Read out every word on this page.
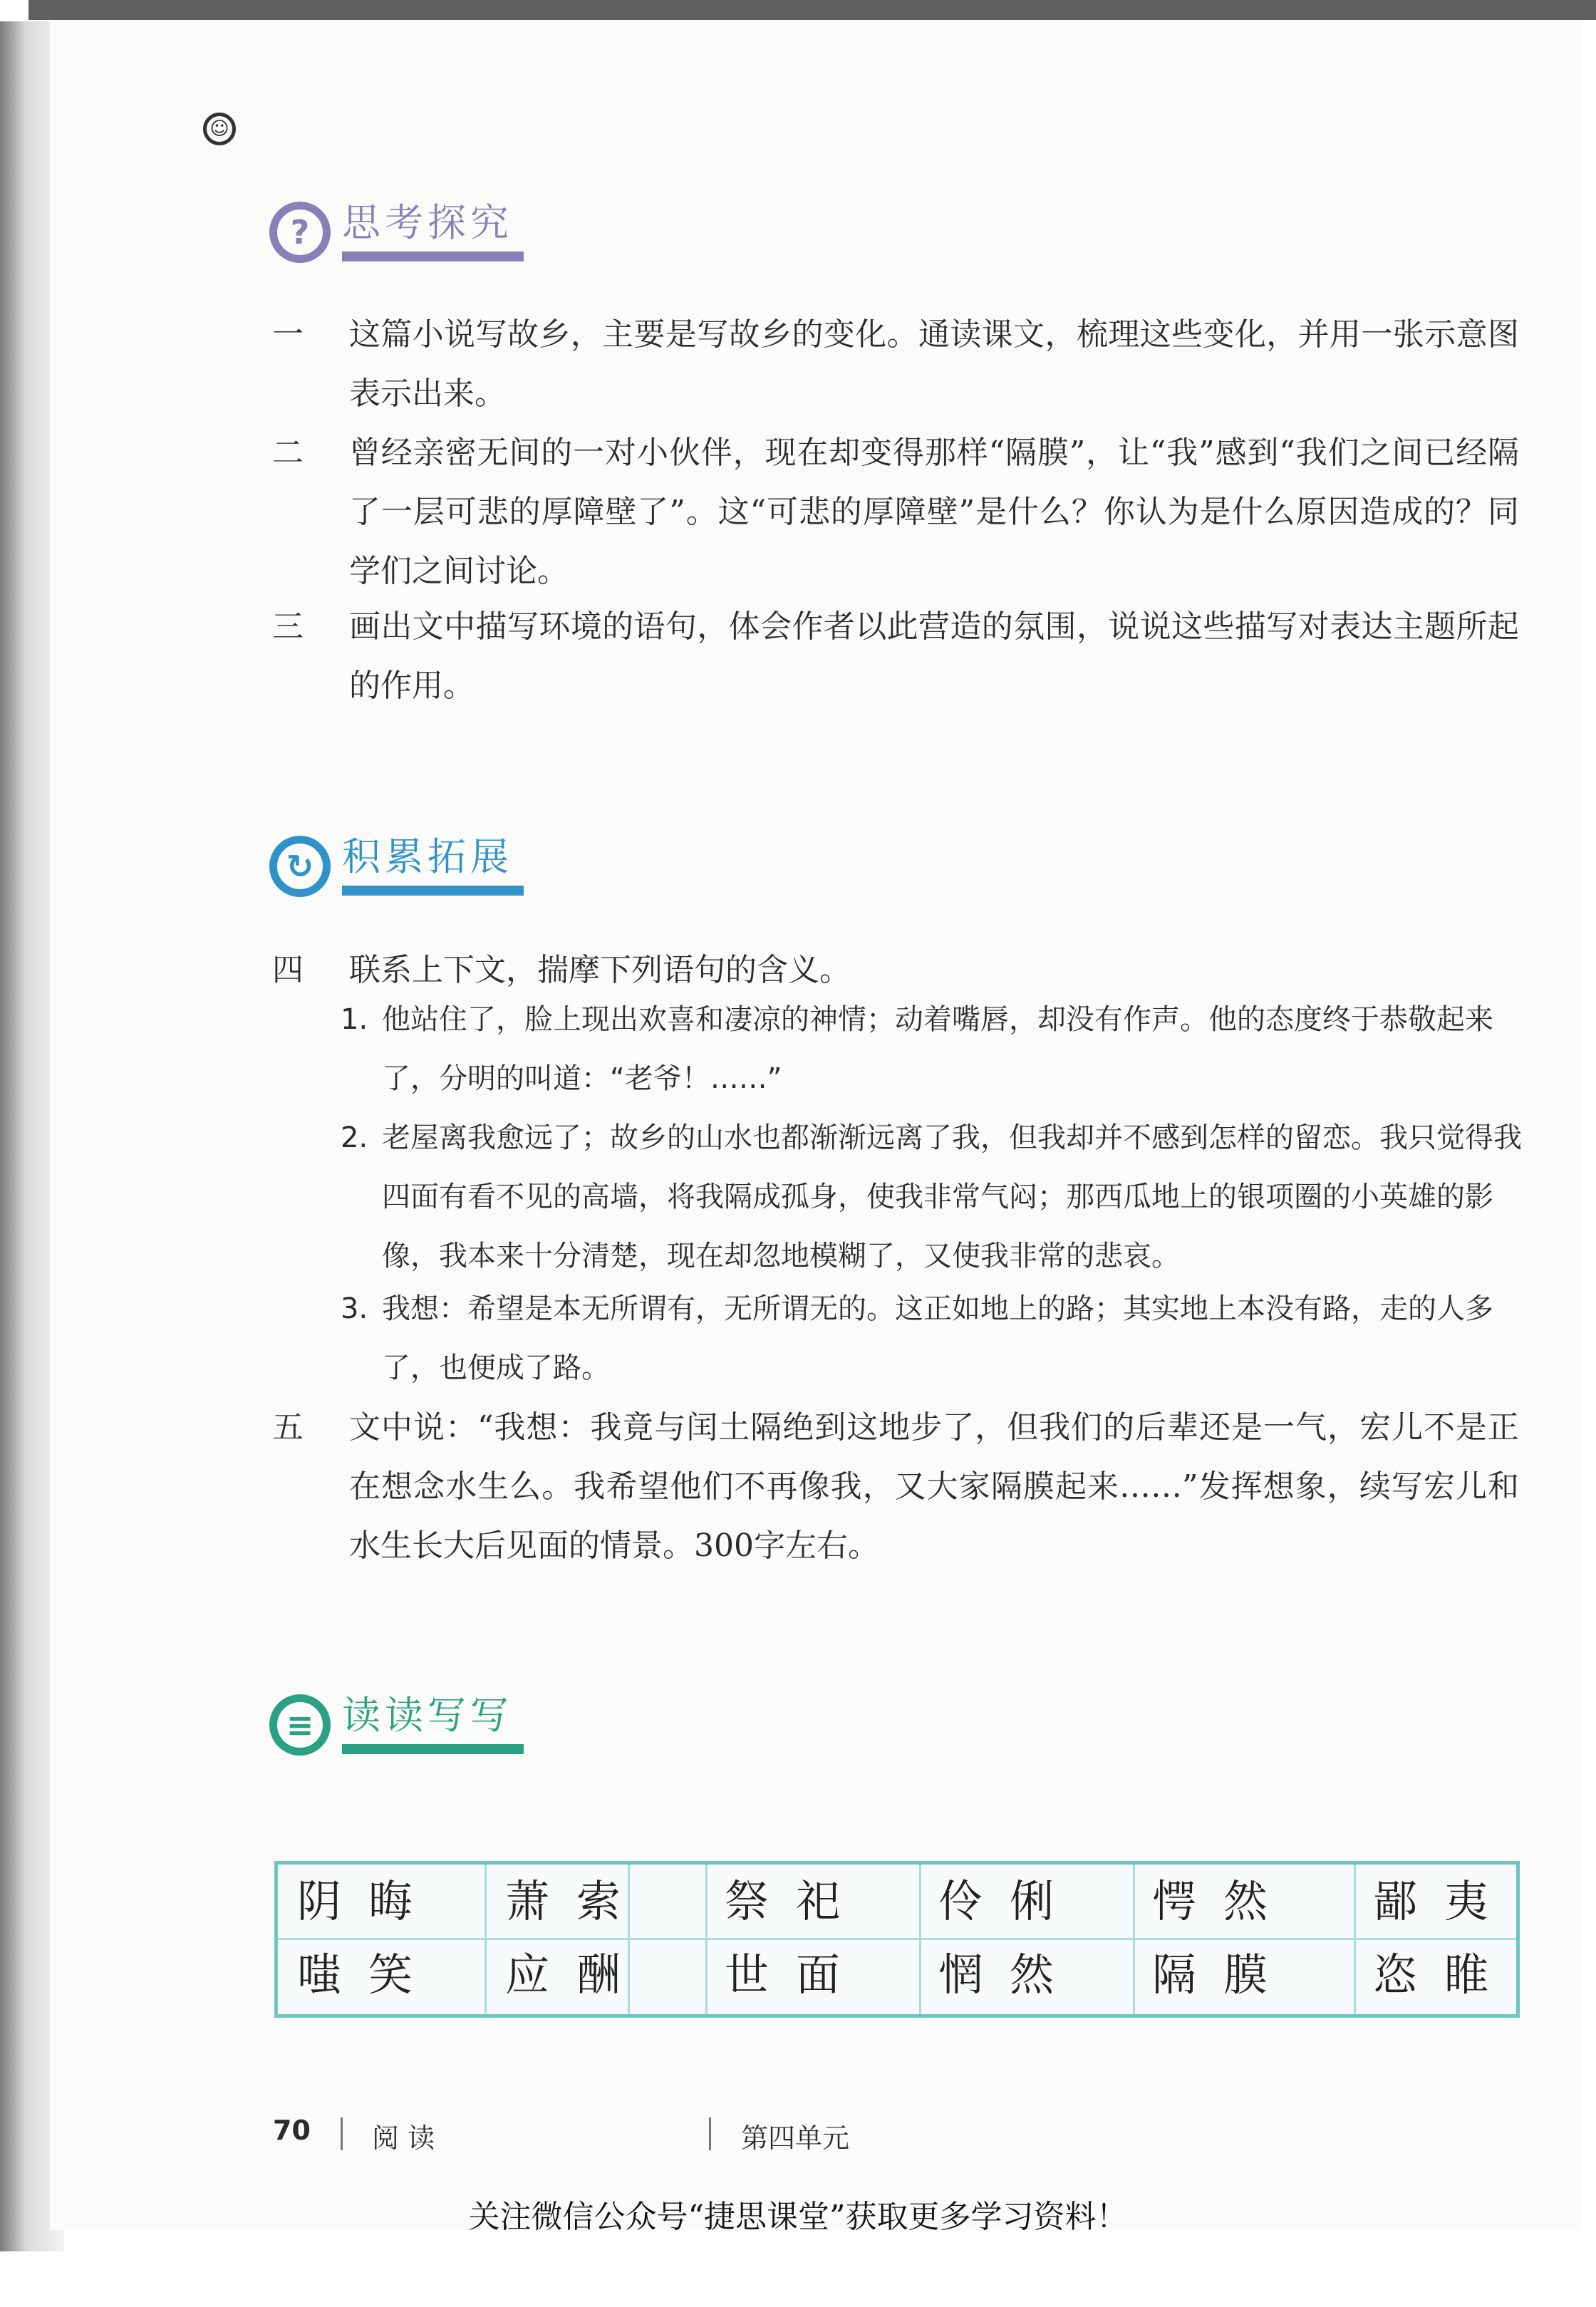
☺
? 思考探究
一	这篇小说写故乡，主要是写故乡的变化。通读课文，梳理这些变化，并用一张示意图表示出来。
二	曾经亲密无间的一对小伙伴，现在却变得那样“隔膜”，让“我”感到“我们之间已经隔了一层可悲的厚障壁了”。这“可悲的厚障壁”是什么？你认为是什么原因造成的？同学们之间讨论。
三	画出文中描写环境的语句，体会作者以此营造的氛围，说说这些描写对表达主题所起的作用。
↻ 积累拓展
四	联系上下文，揣摩下列语句的含义。
1. 他站住了，脸上现出欢喜和凄凉的神情；动着嘴唇，却没有作声。他的态度终于恭敬起来了，分明的叫道：“老爷！……”
2. 老屋离我愈远了；故乡的山水也都渐渐远离了我，但我却并不感到怎样的留恋。我只觉得我四面有看不见的高墙，将我隔成孤身，使我非常气闷；那西瓜地上的银项圈的小英雄的影像，我本来十分清楚，现在却忽地模糊了，又使我非常的悲哀。
3. 我想：希望是本无所谓有，无所谓无的。这正如地上的路；其实地上本没有路，走的人多了，也便成了路。
五	文中说：“我想：我竟与闰土隔绝到这地步了，但我们的后辈还是一气，宏儿不是正在想念水生么。我希望他们不再像我，又大家隔膜起来……”发挥想象，续写宏儿和水生长大后见面的情景。300字左右。
≡ 读读写写
阴 晦	萧 索	祭 祀	伶 俐	愕 然	鄙 夷
嗤 笑	应 酬	世 面	惘 然	隔 膜	恣 睢
70 阅 读	第四单元
关注微信公众号“捷思课堂”获取更多学习资料！
